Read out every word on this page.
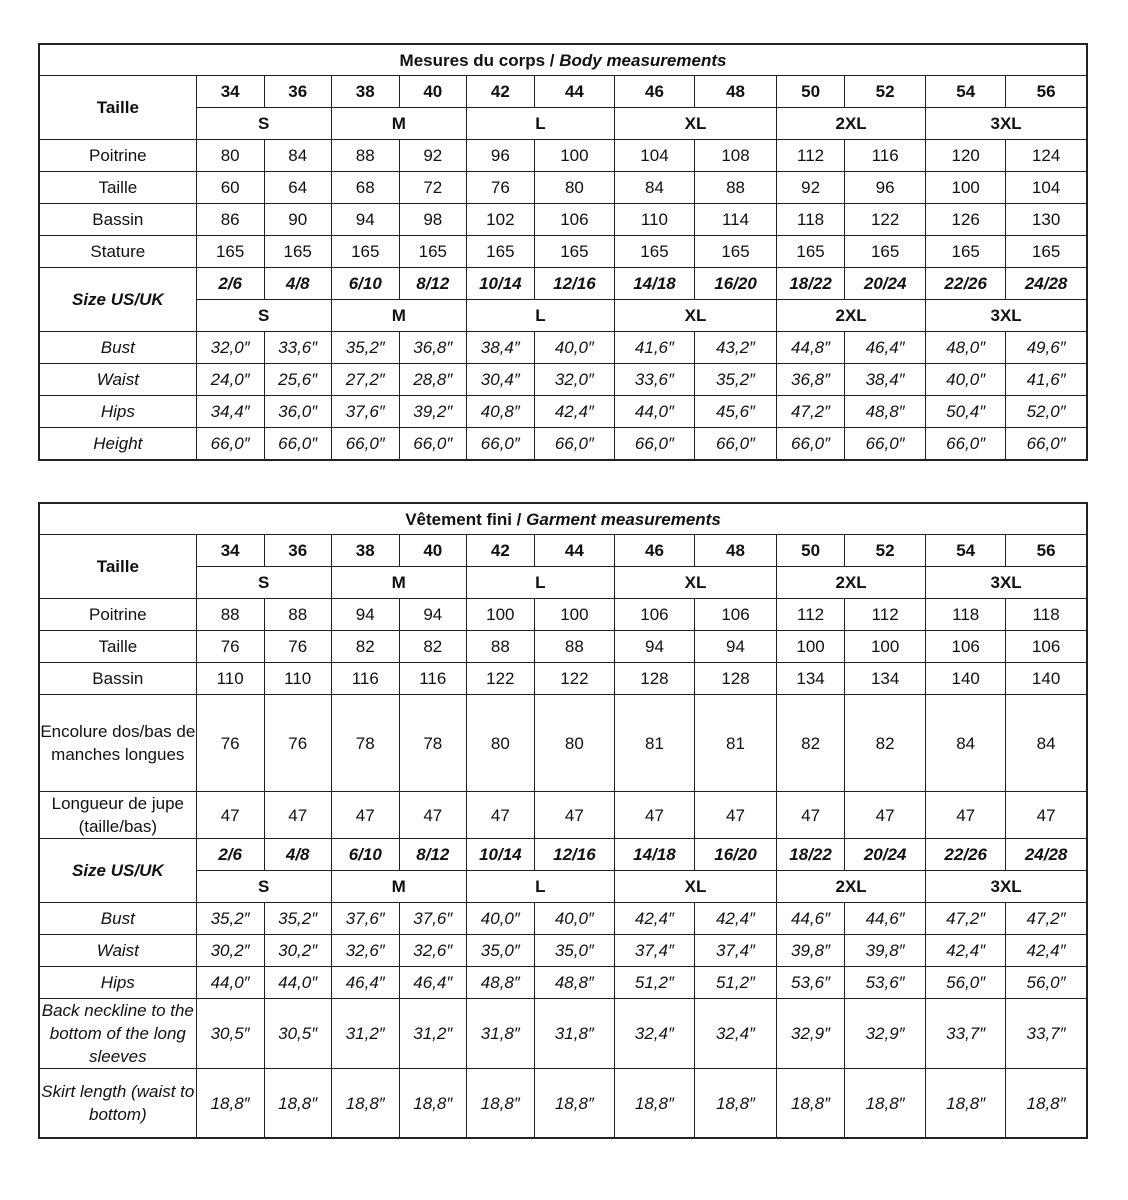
Mesures du corps / Body measurements												
Taille	34	36	38	40	42	44	46	48	50	52	54	56
	S		M		L		XL		2XL		3XL	
Poitrine	80	84	88	92	96	100	104	108	112	116	120	124
Taille	60	64	68	72	76	80	84	88	92	96	100	104
Bassin	86	90	94	98	102	106	110	114	118	122	126	130
Stature	165	165	165	165	165	165	165	165	165	165	165	165
Size US/UK	2/6	4/8	6/10	8/12	10/14	12/16	14/18	16/20	18/22	20/24	22/26	24/28
	S		M		L		XL		2XL		3XL	
Bust	32,0″	33,6″	35,2″	36,8″	38,4″	40,0″	41,6″	43,2″	44,8″	46,4″	48,0″	49,6″
Waist	24,0″	25,6″	27,2″	28,8″	30,4″	32,0″	33,6″	35,2″	36,8″	38,4″	40,0″	41,6″
Hips	34,4″	36,0″	37,6″	39,2″	40,8″	42,4″	44,0″	45,6″	47,2″	48,8″	50,4″	52,0″
Height	66,0″	66,0″	66,0″	66,0″	66,0″	66,0″	66,0″	66,0″	66,0″	66,0″	66,0″	66,0″
Vêtement fini / Garment measurements												
Taille	34	36	38	40	42	44	46	48	50	52	54	56
	S		M		L		XL		2XL		3XL	
Poitrine	88	88	94	94	100	100	106	106	112	112	118	118
Taille	76	76	82	82	88	88	94	94	100	100	106	106
Bassin	110	110	116	116	122	122	128	128	134	134	140	140
Encolure dos/bas de manches longues	76	76	78	78	80	80	81	81	82	82	84	84
Longueur de jupe (taille/bas)	47	47	47	47	47	47	47	47	47	47	47	47
Size US/UK	2/6	4/8	6/10	8/12	10/14	12/16	14/18	16/20	18/22	20/24	22/26	24/28
	S		M		L		XL		2XL		3XL	
Bust	35,2″	35,2″	37,6″	37,6″	40,0″	40,0″	42,4″	42,4″	44,6″	44,6″	47,2″	47,2″
Waist	30,2″	30,2″	32,6″	32,6″	35,0″	35,0″	37,4″	37,4″	39,8″	39,8″	42,4″	42,4″
Hips	44,0″	44,0″	46,4″	46,4″	48,8″	48,8″	51,2″	51,2″	53,6″	53,6″	56,0″	56,0″
Back neckline to the bottom of the long sleeves	30,5″	30,5″	31,2″	31,2″	31,8″	31,8″	32,4″	32,4″	32,9″	32,9″	33,7″	33,7″
Skirt length (waist to bottom)	18,8″	18,8″	18,8″	18,8″	18,8″	18,8″	18,8″	18,8″	18,8″	18,8″	18,8″	18,8″
